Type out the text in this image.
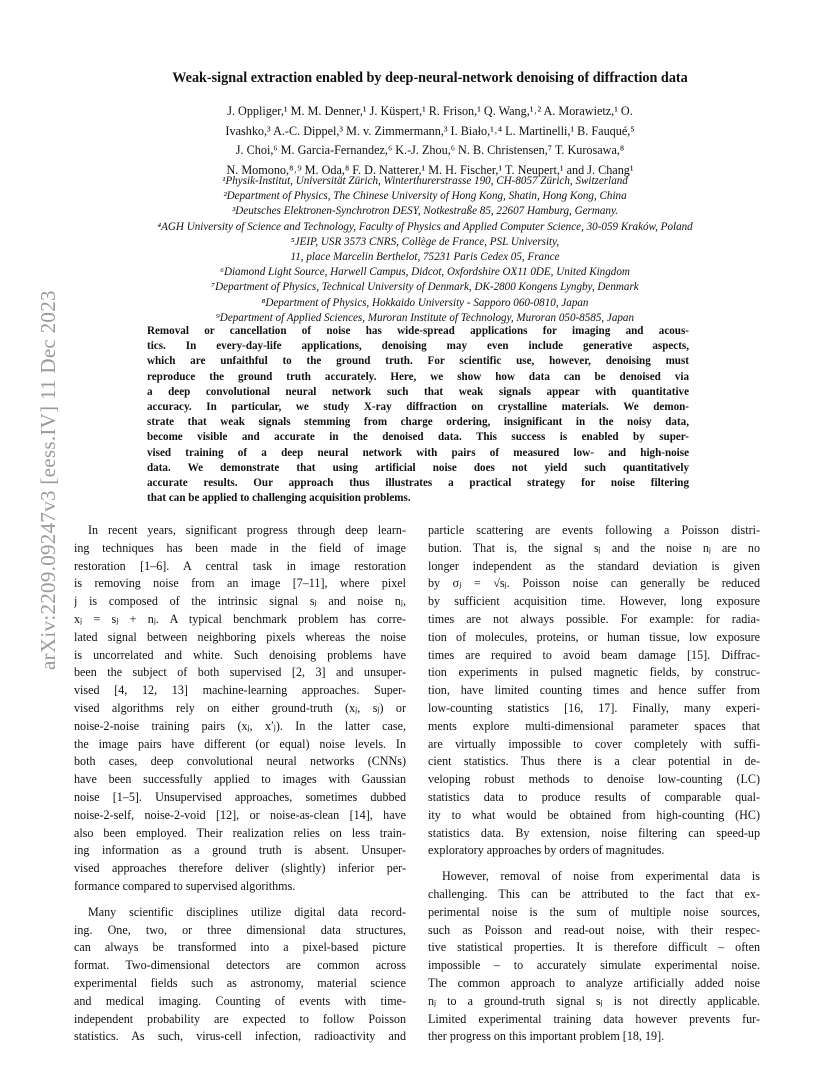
arXiv:2209.09247v3 [eess.IV] 11 Dec 2023
Weak-signal extraction enabled by deep-neural-network denoising of diffraction data
J. Oppliger,¹ M. M. Denner,¹ J. Küspert,¹ R. Frison,¹ Q. Wang,¹˒² A. Morawietz,¹ O.
Ivashko,³ A.-C. Dippel,³ M. v. Zimmermann,³ I. Biało,¹˒⁴ L. Martinelli,¹ B. Fauqué,⁵
J. Choi,⁶ M. Garcia-Fernandez,⁶ K.-J. Zhou,⁶ N. B. Christensen,⁷ T. Kurosawa,⁸
N. Momono,⁸˒⁹ M. Oda,⁸ F. D. Natterer,¹ M. H. Fischer,¹ T. Neupert,¹ and J. Chang¹
¹Physik-Institut, Universität Zürich, Winterthurerstrasse 190, CH-8057 Zürich, Switzerland
²Department of Physics, The Chinese University of Hong Kong, Shatin, Hong Kong, China
³Deutsches Elektronen-Synchrotron DESY, Notkestraße 85, 22607 Hamburg, Germany.
⁴AGH University of Science and Technology, Faculty of Physics and Applied Computer Science, 30-059 Kraków, Poland
⁵JEIP, USR 3573 CNRS, Collège de France, PSL University,
11, place Marcelin Berthelot, 75231 Paris Cedex 05, France
⁶Diamond Light Source, Harwell Campus, Didcot, Oxfordshire OX11 0DE, United Kingdom
⁷Department of Physics, Technical University of Denmark, DK-2800 Kongens Lyngby, Denmark
⁸Department of Physics, Hokkaido University - Sapporo 060-0810, Japan
⁹Department of Applied Sciences, Muroran Institute of Technology, Muroran 050-8585, Japan
Removal or cancellation of noise has wide-spread applications for imaging and acous-
tics. In every-day-life applications, denoising may even include generative aspects,
which are unfaithful to the ground truth. For scientific use, however, denoising must
reproduce the ground truth accurately. Here, we show how data can be denoised via
a deep convolutional neural network such that weak signals appear with quantitative
accuracy. In particular, we study X-ray diffraction on crystalline materials. We demon-
strate that weak signals stemming from charge ordering, insignificant in the noisy data,
become visible and accurate in the denoised data. This success is enabled by super-
vised training of a deep neural network with pairs of measured low- and high-noise
data. We demonstrate that using artificial noise does not yield such quantitatively
accurate results. Our approach thus illustrates a practical strategy for noise filtering
that can be applied to challenging acquisition problems.
In recent years, significant progress through deep learn-
ing techniques has been made in the field of image
restoration [1–6]. A central task in image restoration
is removing noise from an image [7–11], where pixel
j is composed of the intrinsic signal sⱼ and noise nⱼ,
xⱼ = sⱼ + nⱼ. A typical benchmark problem has corre-
lated signal between neighboring pixels whereas the noise
is uncorrelated and white. Such denoising problems have
been the subject of both supervised [2, 3] and unsuper-
vised [4, 12, 13] machine-learning approaches. Super-
vised algorithms rely on either ground-truth (xⱼ, sⱼ) or
noise-2-noise training pairs (xⱼ, x′ⱼ). In the latter case,
the image pairs have different (or equal) noise levels. In
both cases, deep convolutional neural networks (CNNs)
have been successfully applied to images with Gaussian
noise [1–5]. Unsupervised approaches, sometimes dubbed
noise-2-self, noise-2-void [12], or noise-as-clean [14], have
also been employed. Their realization relies on less train-
ing information as a ground truth is absent. Unsuper-
vised approaches therefore deliver (slightly) inferior per-
formance compared to supervised algorithms.
Many scientific disciplines utilize digital data record-
ing. One, two, or three dimensional data structures,
can always be transformed into a pixel-based picture
format. Two-dimensional detectors are common across
experimental fields such as astronomy, material science
and medical imaging. Counting of events with time-
independent probability are expected to follow Poisson
statistics. As such, virus-cell infection, radioactivity and
particle scattering are events following a Poisson distri-
bution. That is, the signal sⱼ and the noise nⱼ are no
longer independent as the standard deviation is given
by σⱼ = √sⱼ. Poisson noise can generally be reduced
by sufficient acquisition time. However, long exposure
times are not always possible. For example: for radia-
tion of molecules, proteins, or human tissue, low exposure
times are required to avoid beam damage [15]. Diffrac-
tion experiments in pulsed magnetic fields, by construc-
tion, have limited counting times and hence suffer from
low-counting statistics [16, 17]. Finally, many experi-
ments explore multi-dimensional parameter spaces that
are virtually impossible to cover completely with suffi-
cient statistics. Thus there is a clear potential in de-
veloping robust methods to denoise low-counting (LC)
statistics data to produce results of comparable qual-
ity to what would be obtained from high-counting (HC)
statistics data. By extension, noise filtering can speed-up
exploratory approaches by orders of magnitudes.
However, removal of noise from experimental data is
challenging. This can be attributed to the fact that ex-
perimental noise is the sum of multiple noise sources,
such as Poisson and read-out noise, with their respec-
tive statistical properties. It is therefore difficult – often
impossible – to accurately simulate experimental noise.
The common approach to analyze artificially added noise
nⱼ to a ground-truth signal sⱼ is not directly applicable.
Limited experimental training data however prevents fur-
ther progress on this important problem [18, 19].
